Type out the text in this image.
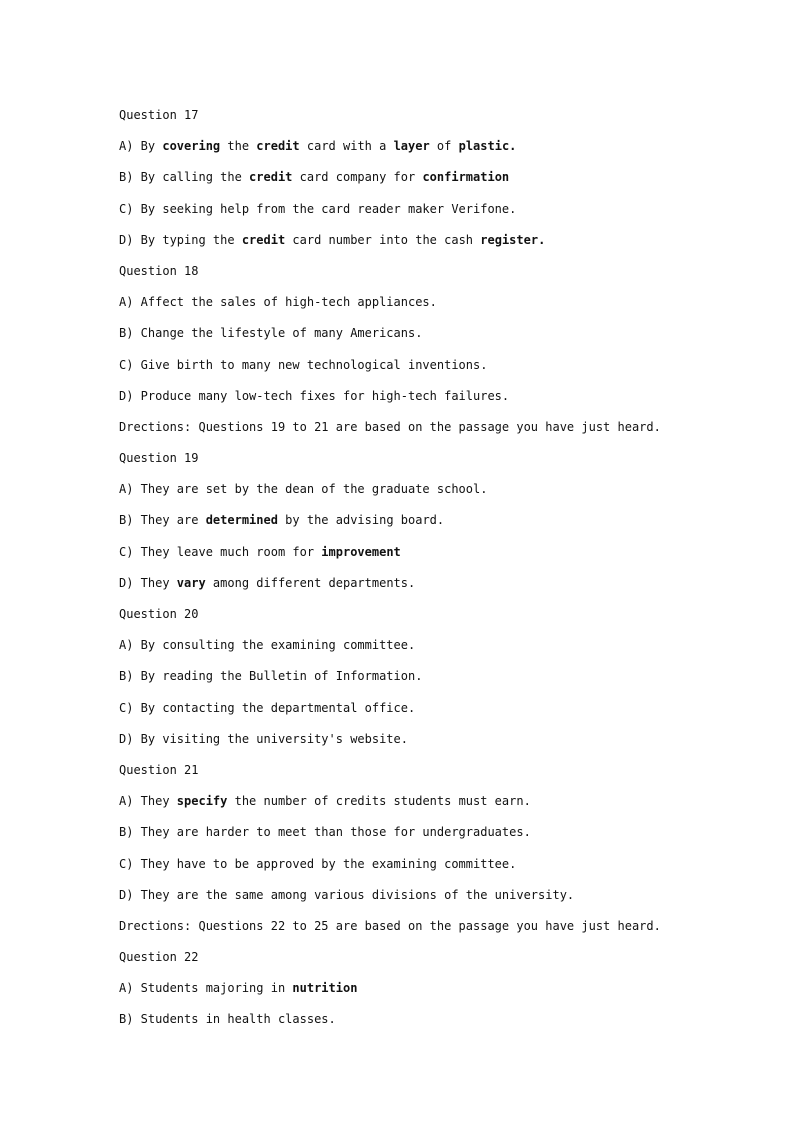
Question 17
A) By covering the credit card with a layer of plastic.
B) By calling the credit card company for confirmation
C) By seeking help from the card reader maker Verifone.
D) By typing the credit card number into the cash register.
Question 18
A) Affect the sales of high-tech appliances.
B) Change the lifestyle of many Americans.
C) Give birth to many new technological inventions.
D) Produce many low-tech fixes for high-tech failures.
Drections: Questions 19 to 21 are based on the passage you have just heard.
Question 19
A) They are set by the dean of the graduate school.
B) They are determined by the advising board.
C) They leave much room for improvement
D) They vary among different departments.
Question 20
A) By consulting the examining committee.
B) By reading the Bulletin of Information.
C) By contacting the departmental office.
D) By visiting the university's website.
Question 21
A) They specify the number of credits students must earn.
B) They are harder to meet than those for undergraduates.
C) They have to be approved by the examining committee.
D) They are the same among various divisions of the university.
Drections: Questions 22 to 25 are based on the passage you have just heard.
Question 22
A) Students majoring in nutrition
B) Students in health classes.
